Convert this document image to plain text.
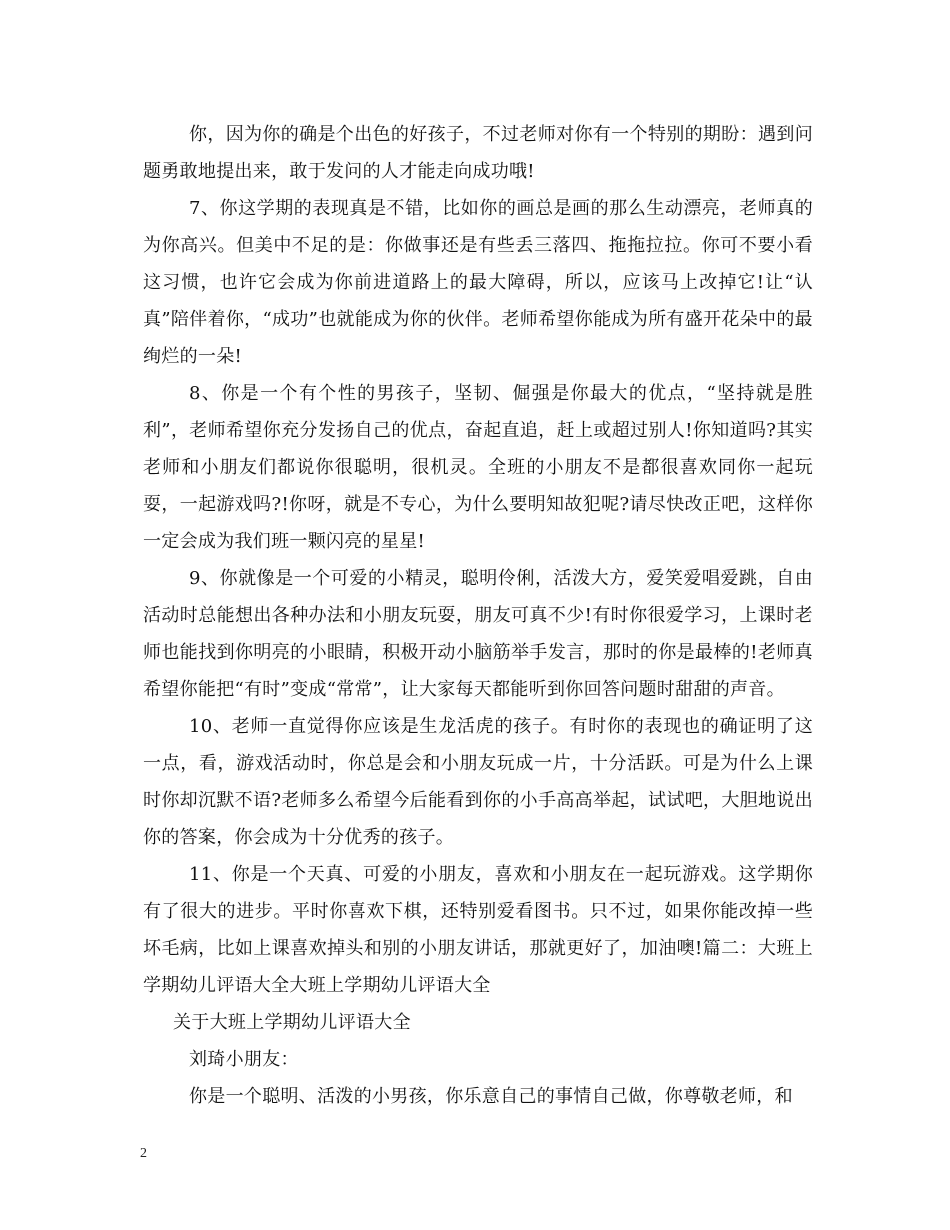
你，因为你的确是个出色的好孩子，不过老师对你有一个特别的期盼：遇到问题勇敢地提出来，敢于发问的人才能走向成功哦!

7、你这学期的表现真是不错，比如你的画总是画的那么生动漂亮，老师真的为你高兴。但美中不足的是：你做事还是有些丢三落四、拖拖拉拉。你可不要小看这习惯，也许它会成为你前进道路上的最大障碍，所以，应该马上改掉它!让“认真”陪伴着你，“成功”也就能成为你的伙伴。老师希望你能成为所有盛开花朵中的最绚烂的一朵!

8、你是一个有个性的男孩子，坚韧、倔强是你最大的优点，“坚持就是胜利”，老师希望你充分发扬自己的优点，奋起直追，赶上或超过别人!你知道吗?其实老师和小朋友们都说你很聪明，很机灵。全班的小朋友不是都很喜欢同你一起玩耍，一起游戏吗?!你呀，就是不专心，为什么要明知故犯呢?请尽快改正吧，这样你一定会成为我们班一颗闪亮的星星!

9、你就像是一个可爱的小精灵，聪明伶俐，活泼大方，爱笑爱唱爱跳，自由活动时总能想出各种办法和小朋友玩耍，朋友可真不少!有时你很爱学习，上课时老师也能找到你明亮的小眼睛，积极开动小脑筋举手发言，那时的你是最棒的!老师真希望你能把“有时”变成“常常”，让大家每天都能听到你回答问题时甜甜的声音。

10、老师一直觉得你应该是生龙活虎的孩子。有时你的表现也的确证明了这一点，看，游戏活动时，你总是会和小朋友玩成一片，十分活跃。可是为什么上课时你却沉默不语?老师多么希望今后能看到你的小手高高举起，试试吧，大胆地说出你的答案，你会成为十分优秀的孩子。

11、你是一个天真、可爱的小朋友，喜欢和小朋友在一起玩游戏。这学期你有了很大的进步。平时你喜欢下棋，还特别爱看图书。只不过，如果你能改掉一些坏毛病，比如上课喜欢掉头和别的小朋友讲话，那就更好了，加油噢!篇二：大班上学期幼儿评语大全大班上学期幼儿评语大全

关于大班上学期幼儿评语大全

刘琦小朋友：

你是一个聪明、活泼的小男孩，你乐意自己的事情自己做，你尊敬老师，和

2
